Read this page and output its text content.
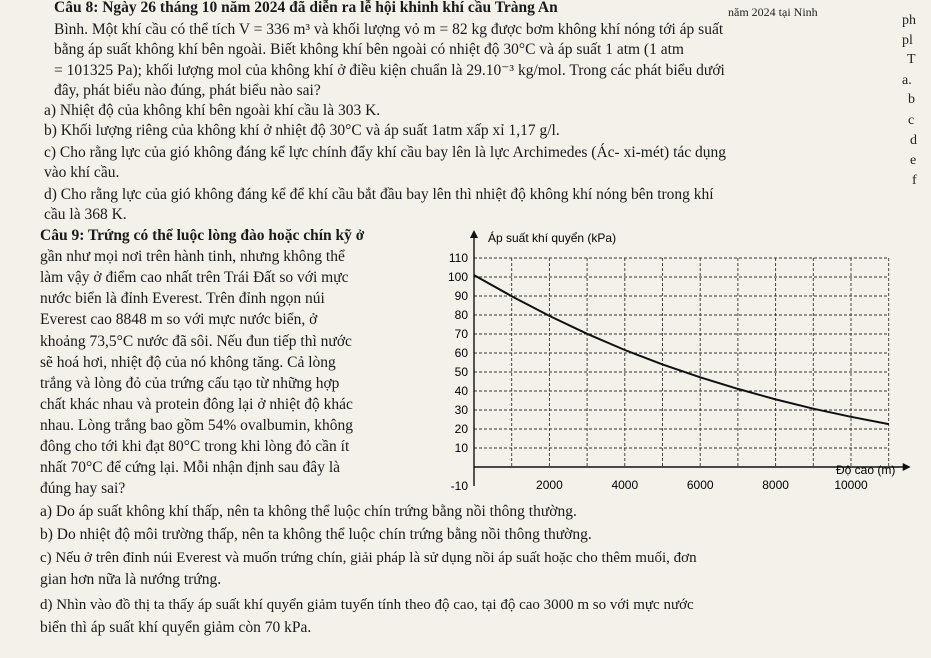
Câu 8: Ngày 26 tháng 10 năm 2024 đã diễn ra lễ hội khinh khí cầu Tràng An
Bình. Một khí cầu có thể tích V = 336 m³ và khối lượng vỏ m = 82 kg được bơm không khí nóng tới áp suất
bằng áp suất không khí bên ngoài. Biết không khí bên ngoài có nhiệt độ 30°C và áp suất 1 atm (1 atm
= 101325 Pa); khối lượng mol của không khí ở điều kiện chuẩn là 29.10⁻³ kg/mol. Trong các phát biểu dưới
đây, phát biểu nào đúng, phát biểu nào sai?
a) Nhiệt độ của không khí bên ngoài khí cầu là 303 K.
b) Khối lượng riêng của không khí ở nhiệt độ 30°C và áp suất 1atm xấp xỉ 1,17 g/l.
c) Cho rằng lực của gió không đáng kể lực chính đẩy khí cầu bay lên là lực Archimedes (Ác- xi-mét) tác dụng
vào khí cầu.
d) Cho rằng lực của gió không đáng kể để khí cầu bắt đầu bay lên thì nhiệt độ không khí nóng bên trong khí
cầu là 368 K.
Câu 9: Trứng có thể luộc lòng đào hoặc chín kỹ ở
gần như mọi nơi trên hành tinh, nhưng không thể
làm vậy ở điểm cao nhất trên Trái Đất so với mực
nước biển là đỉnh Everest. Trên đỉnh ngọn núi
Everest cao 8848 m so với mực nước biển, ở
khoảng 73,5°C nước đã sôi. Nếu đun tiếp thì nước
sẽ hoá hơi, nhiệt độ của nó không tăng. Cả lòng
trắng và lòng đỏ của trứng cấu tạo từ những hợp
chất khác nhau và protein đông lại ở nhiệt độ khác
nhau. Lòng trắng bao gồm 54% ovalbumin, không
đông cho tới khi đạt 80°C trong khi lòng đỏ cần ít
nhất 70°C để cứng lại. Mỗi nhận định sau đây là
đúng hay sai?
a) Do áp suất không khí thấp, nên ta không thể luộc chín trứng bằng nồi thông thường.
b) Do nhiệt độ môi trường thấp, nên ta không thể luộc chín trứng bằng nồi thông thường.
c) Nếu ở trên đỉnh núi Everest và muốn trứng chín, giải pháp là sử dụng nồi áp suất hoặc cho thêm muối, đơn
gian hơn nữa là nướng trứng.
d) Nhìn vào đồ thị ta thấy áp suất khí quyển giảm tuyến tính theo độ cao, tại độ cao 3000 m so với mực nước
biển thì áp suất khí quyển giảm còn 70 kPa.
năm 2024 tại Ninh
ph
pl
T
a.
b
c
d
e
f
-10
10
20
30
40
50
60
70
80
90
100
110
2000	4000	6000	8000	10000
Áp suất khí quyển (kPa)
Độ cao (m)
